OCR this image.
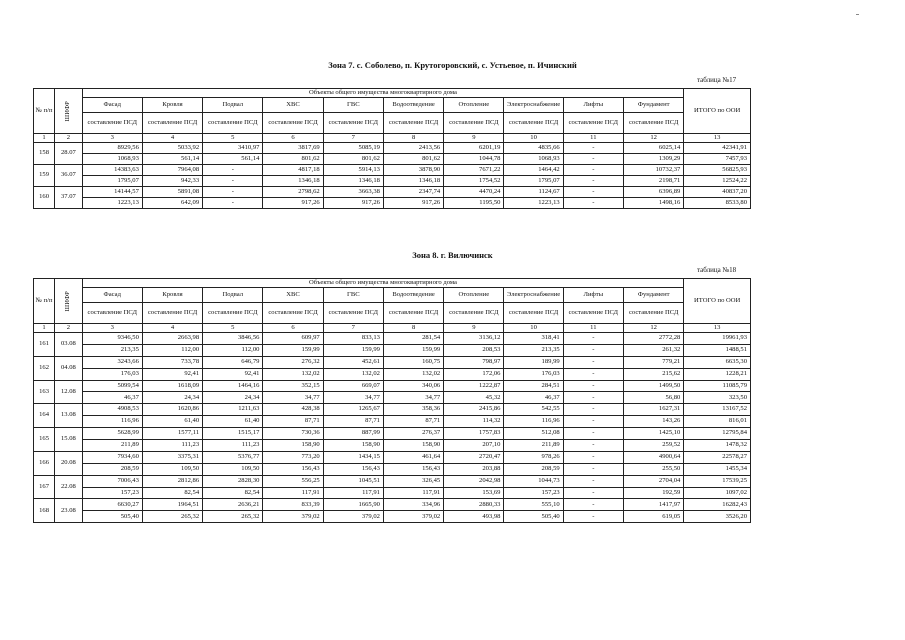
Зона 7. с. Соболево, п. Крутогоровский, с. Устьевое, п. Ичинский
таблица №17
№ п/п	ШИФР	Объекты общего имущества многоквартирного дома										ИТОГО по ООИ
		Фасад	Кровля	Подвал	ХВС	ГВС	Водоотведение	Отопление	Электроснабжение	Лифты	Фундамент	
		составление ПСД	составление ПСД	составление ПСД	составление ПСД	составление ПСД	составление ПСД	составление ПСД	составление ПСД	составление ПСД	составление ПСД	
1	2	3	4	5	6	7	8	9	10	11	12	13
158	28.07	8929,56	5033,92	3410,97	3817,69	5085,19	2413,56	6201,19	4835,66	-	6025,14	42341,91
		1068,93	561,14	561,14	801,62	801,62	801,62	1044,78	1068,93	-	1309,29	7457,93
159	36.07	14383,63	7964,08	-	4817,18	5914,13	3878,90	7671,22	1464,42	-	10732,37	56825,93
		1795,07	942,33	-	1346,18	1346,18	1346,18	1754,52	1795,07	-	2198,71	12524,22
160	37.07	14144,57	5891,08	-	2798,62	3663,38	2347,74	4470,24	1124,67	-	6396,89	40837,20
		1223,13	642,09	-	917,26	917,26	917,26	1195,50	1223,13	-	1498,16	8533,80
Зона 8. г. Вилючинск
таблица №18
№ п/п	ШИФР	Объекты общего имущества многоквартирного дома										ИТОГО по ООИ
		Фасад	Кровля	Подвал	ХВС	ГВС	Водоотведение	Отопление	Электроснабжение	Лифты	Фундамент	
		составление ПСД	составление ПСД	составление ПСД	составление ПСД	составление ПСД	составление ПСД	составление ПСД	составление ПСД	составление ПСД	составление ПСД	
1	2	3	4	5	6	7	8	9	10	11	12	13
161	03.08	9346,50	2663,98	3846,56	609,97	833,13	281,54	3136,12	318,41	-	2772,28	19961,93
		213,35	112,00	112,00	159,99	159,99	159,99	208,53	213,35	-	261,32	1488,51
162	04.08	3243,66	733,78	646,79	276,32	452,61	160,75	798,97	189,99	-	779,21	6635,30
		176,03	92,41	92,41	132,02	132,02	132,02	172,06	176,03	-	215,62	1228,21
163	12.08	5099,54	1618,09	1464,16	352,15	669,07	340,06	1222,87	284,51	-	1499,50	11085,79
		46,37	24,34	24,34	34,77	34,77	34,77	45,32	46,37	-	56,80	323,50
164	13.08	4908,53	1620,86	1211,63	428,38	1265,67	358,36	2415,86	542,55	-	1627,31	13167,52
		116,96	61,40	61,40	87,71	87,71	87,71	114,32	116,96	-	143,26	816,01
165	15.08	5628,99	1577,11	1515,17	730,36	887,99	276,37	1757,83	512,08	-	1425,10	12795,84
		211,89	111,23	111,23	158,90	158,90	158,90	207,10	211,89	-	259,52	1478,32
166	20.08	7934,60	3375,31	5376,77	773,20	1434,15	461,64	2720,47	978,26	-	4900,64	22578,27
		208,59	109,50	109,50	156,43	156,43	156,43	203,88	208,59	-	255,50	1455,34
167	22.08	7006,43	2812,86	2828,30	556,25	1045,51	326,45	2042,98	1044,73	-	2704,04	17539,25
		157,23	82,54	82,54	117,91	117,91	117,91	153,69	157,23	-	192,59	1097,02
168	23.08	6630,27	1964,51	2636,21	833,39	1665,90	334,96	2880,33	555,10	-	1417,97	16282,43
		505,40	265,32	265,32	379,02	379,02	379,02	493,98	505,40	-	619,05	3526,20
